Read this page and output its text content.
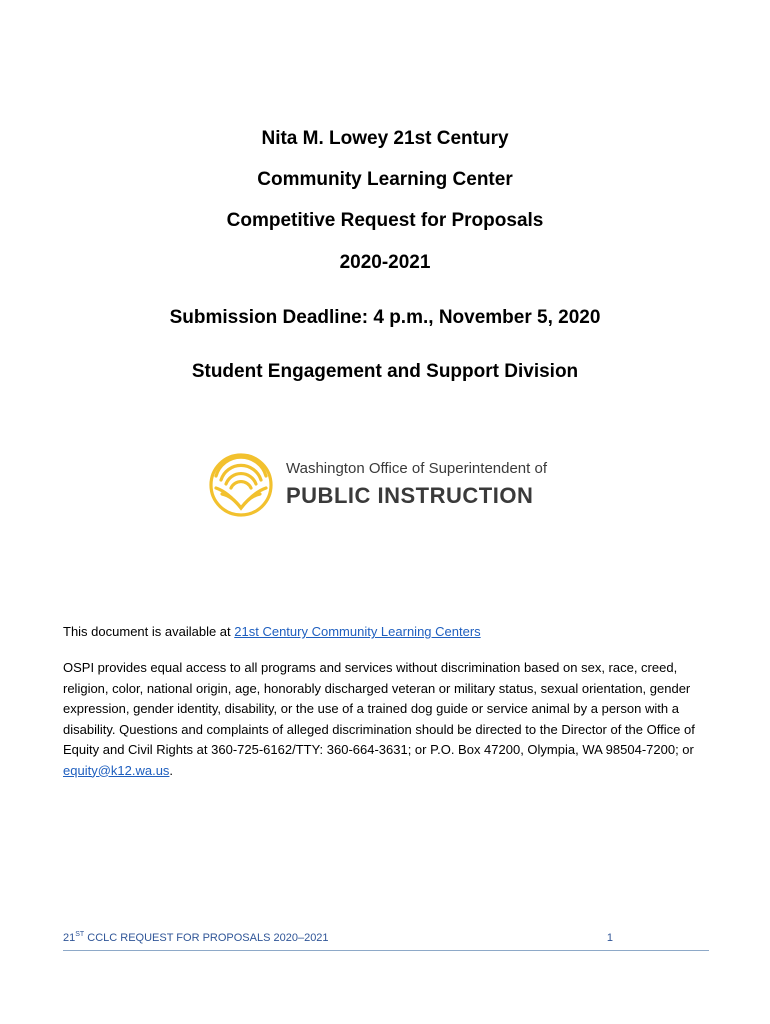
Nita M. Lowey 21st Century
Community Learning Center
Competitive Request for Proposals
2020-2021
Submission Deadline: 4 p.m., November 5, 2020
Student Engagement and Support Division
Washington Office of Superintendent of
PUBLIC INSTRUCTION
This document is available at 21st Century Community Learning Centers
OSPI provides equal access to all programs and services without discrimination based on sex, race, creed, religion, color, national origin, age, honorably discharged veteran or military status, sexual orientation, gender expression, gender identity, disability, or the use of a trained dog guide or service animal by a person with a disability. Questions and complaints of alleged discrimination should be directed to the Director of the Office of Equity and Civil Rights at 360-725-6162/TTY: 360-664-3631; or P.O. Box 47200, Olympia, WA 98504-7200; or equity@k12.wa.us.
21ST CCLC REQUEST FOR PROPOSALS 2020–2021	1
